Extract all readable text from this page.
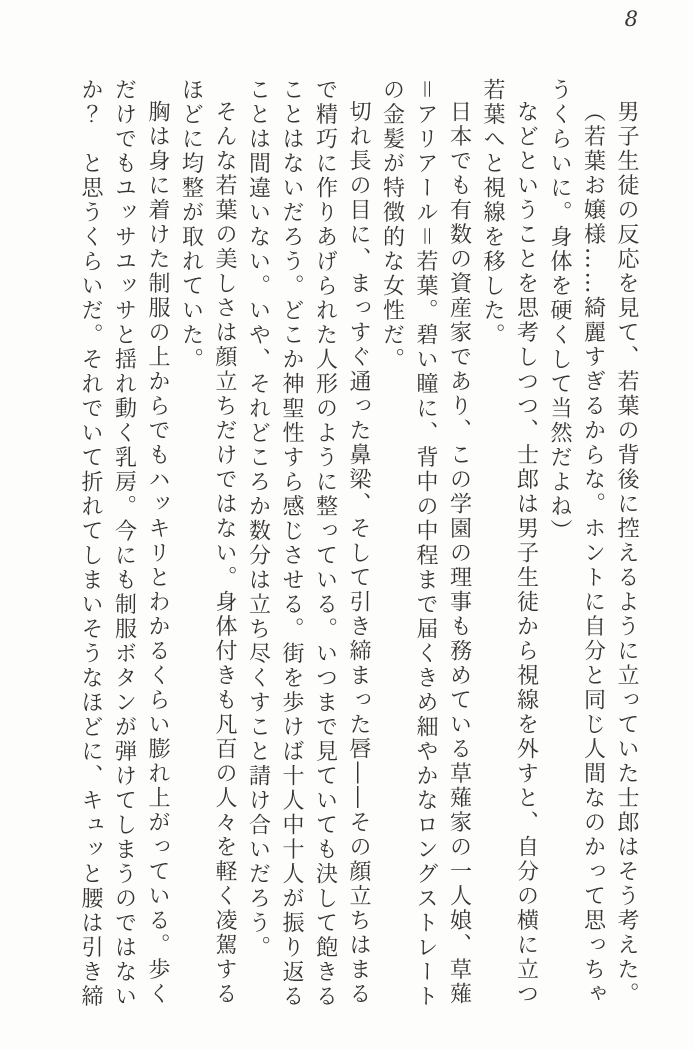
8

男子生徒の反応を見て、若葉の背後に控えるように立っていた士郎はそう考えた。

（若葉お嬢様……綺麗すぎるからな。ホントに自分と同じ人間なのかって思っちゃうくらいに。身体を硬くして当然だよね）

などということを思考しつつ、士郎は男子生徒から視線を外すと、自分の横に立つ若葉へと視線を移した。

日本でも有数の資産家であり、この学園の理事も務めている草薙家の一人娘、草薙＝アリアール＝若葉。碧い瞳に、背中の中程まで届くきめ細やかなロングストレートの金髪が特徴的な女性だ。

切れ長の目に、まっすぐ通った鼻梁、そして引き締まった唇――その顔立ちはまるで精巧に作りあげられた人形のように整っている。いつまで見ていても決して飽きることはないだろう。どこか神聖性すら感じさせる。街を歩けば十人中十人が振り返ることは間違いない。いや、それどころか数分は立ち尽くすこと請け合いだろう。

そんな若葉の美しさは顔立ちだけではない。身体付きも凡百の人々を軽く凌駕するほどに均整が取れていた。

胸は身に着けた制服の上からでもハッキリとわかるくらい膨れ上がっている。歩くだけでもユッサユッサと揺れ動く乳房。今にも制服ボタンが弾けてしまうのではないか？　と思うくらいだ。それでいて折れてしまいそうなほどに、キュッと腰は引き締
